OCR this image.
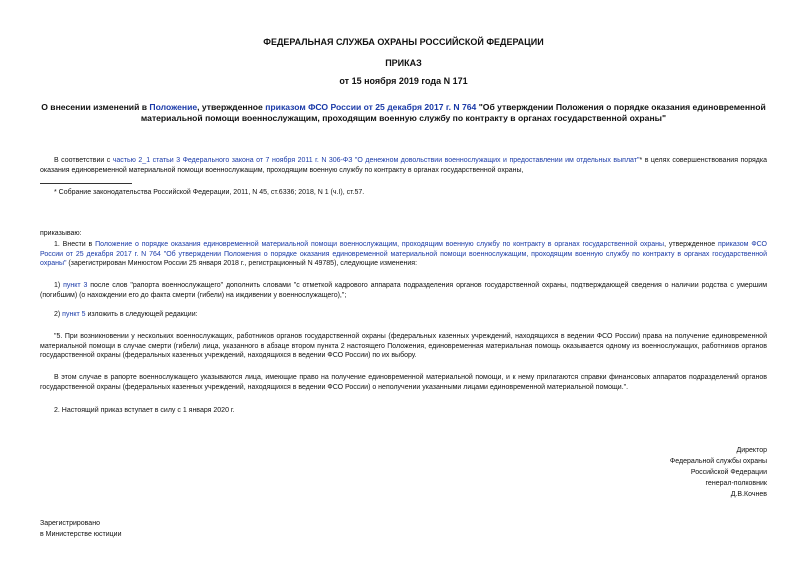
ФЕДЕРАЛЬНАЯ СЛУЖБА ОХРАНЫ РОССИЙСКОЙ ФЕДЕРАЦИИ
ПРИКАЗ
от 15 ноября 2019 года N 171
О внесении изменений в Положение, утвержденное приказом ФСО России от 25 декабря 2017 г. N 764 "Об утверждении Положения о порядке оказания единовременной материальной помощи военнослужащим, проходящим военную службу по контракту в органах государственной охраны"
В соответствии с частью 2_1 статьи 3 Федерального закона от 7 ноября 2011 г. N 306-ФЗ "О денежном довольствии военнослужащих и предоставлении им отдельных выплат"* в целях совершенствования порядка оказания единовременной материальной помощи военнослужащим, проходящим военную службу по контракту в органах государственной охраны,
* Собрание законодательства Российской Федерации, 2011, N 45, ст.6336; 2018, N 1 (ч.I), ст.57.
приказываю:
1. Внести в Положение о порядке оказания единовременной материальной помощи военнослужащим, проходящим военную службу по контракту в органах государственной охраны, утвержденное приказом ФСО России от 25 декабря 2017 г. N 764 "Об утверждении Положения о порядке оказания единовременной материальной помощи военнослужащим, проходящим военную службу по контракту в органах государственной охраны" (зарегистрирован Минюстом России 25 января 2018 г., регистрационный N 49785), следующие изменения:
1) пункт 3 после слов "рапорта военнослужащего" дополнить словами "с отметкой кадрового аппарата подразделения органов государственной охраны, подтверждающей сведения о наличии родства с умершим (погибшим) (о нахождении его до факта смерти (гибели) на иждивении у военнослужащего),";
2) пункт 5 изложить в следующей редакции:
"5. При возникновении у нескольких военнослужащих, работников органов государственной охраны (федеральных казенных учреждений, находящихся в ведении ФСО России) права на получение единовременной материальной помощи в случае смерти (гибели) лица, указанного в абзаце втором пункта 2 настоящего Положения, единовременная материальная помощь оказывается одному из военнослужащих, работников органов государственной охраны (федеральных казенных учреждений, находящихся в ведении ФСО России) по их выбору.
В этом случае в рапорте военнослужащего указываются лица, имеющие право на получение единовременной материальной помощи, и к нему прилагаются справки финансовых аппаратов подразделений органов государственной охраны (федеральных казенных учреждений, находящихся в ведении ФСО России) о неполучении указанными лицами единовременной материальной помощи.".
2. Настоящий приказ вступает в силу с 1 января 2020 г.
Директор
Федеральной службы охраны
Российской Федерации
генерал-полковник
Д.В.Кочнев
Зарегистрировано
в Министерстве юстиции
